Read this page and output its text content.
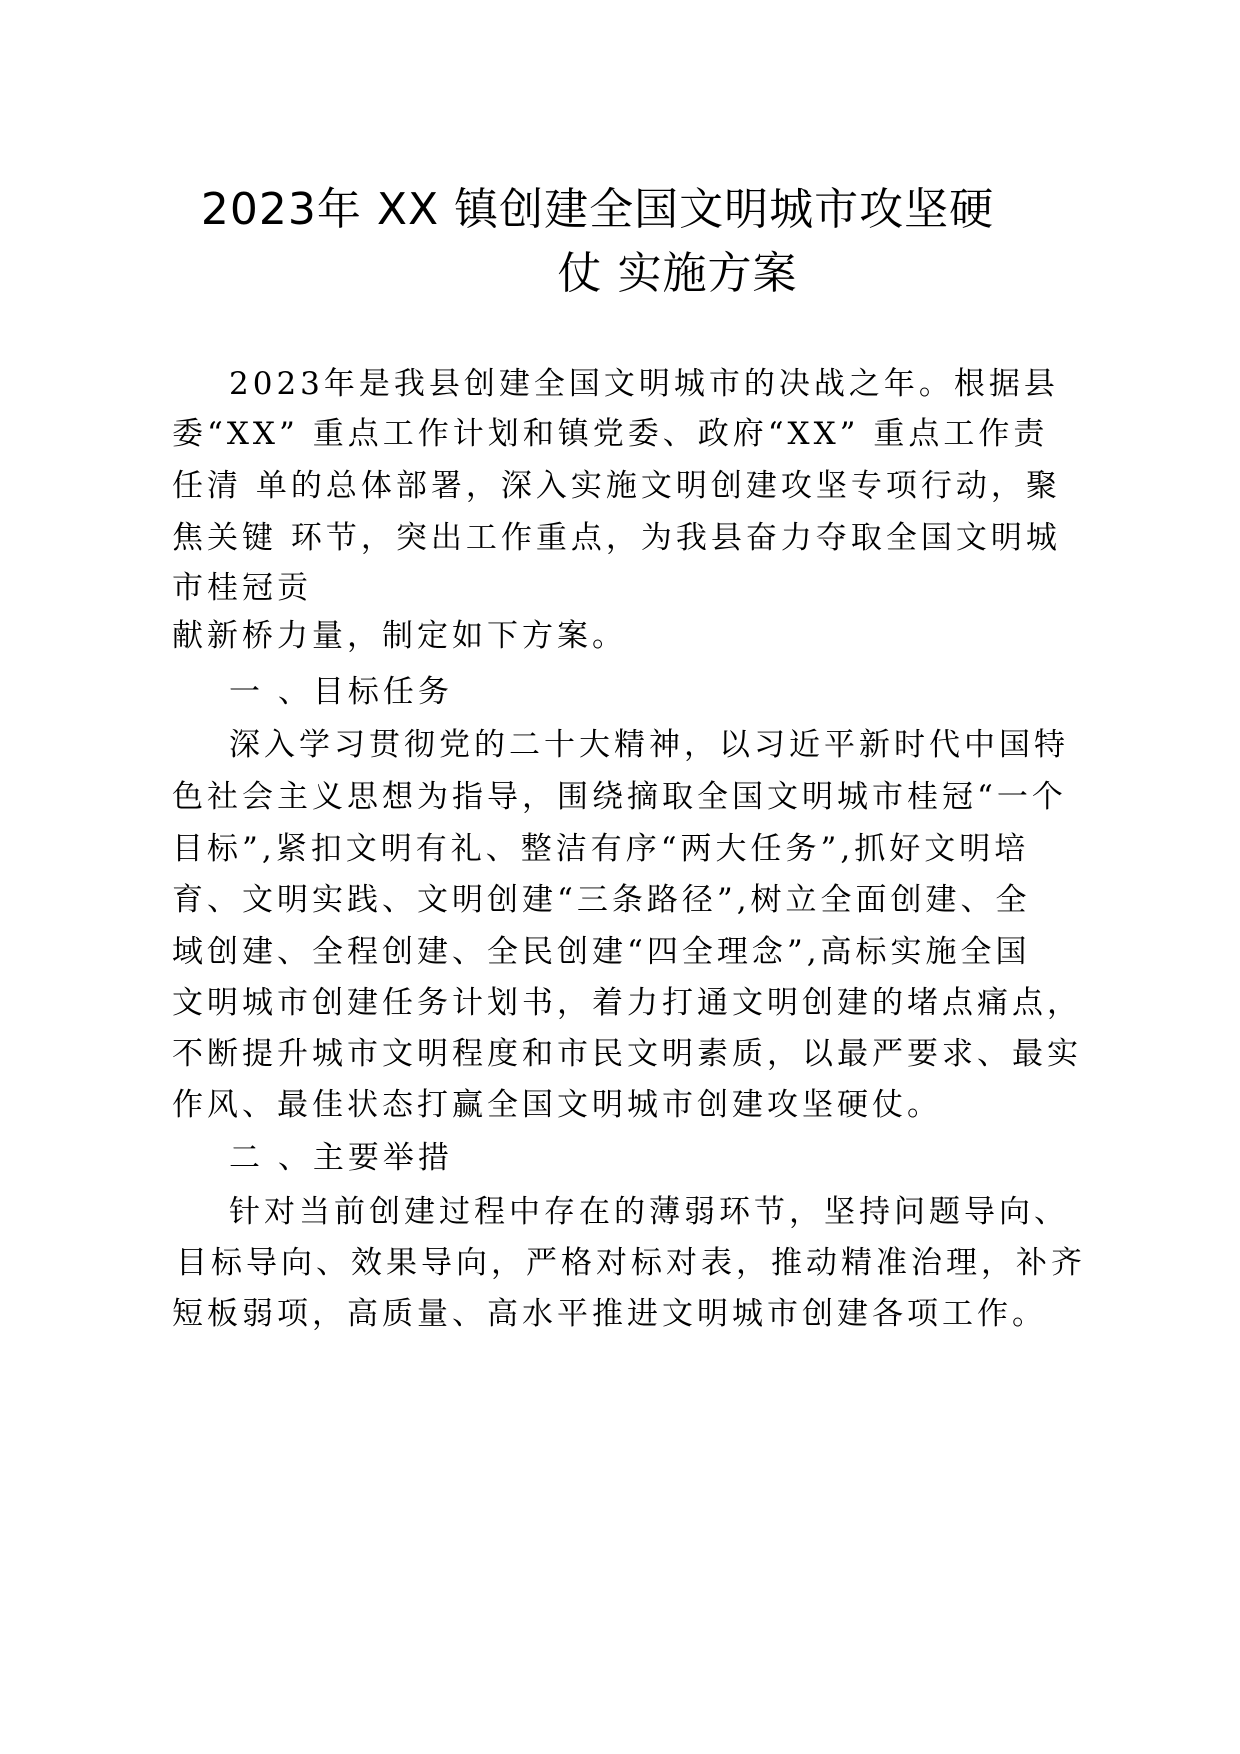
2023年 XX 镇创建全国文明城市攻坚硬
仗 实施方案
2023年是我县创建全国文明城市的决战之年。根据县
委“XX” 重点工作计划和镇党委、政府“XX” 重点工作责
任清 单的总体部署，深入实施文明创建攻坚专项行动，聚
焦关键 环节，突出工作重点，为我县奋力夺取全国文明城
市桂冠贡
献新桥力量，制定如下方案。
一 、目标任务
深入学习贯彻党的二十大精神，以习近平新时代中国特
色社会主义思想为指导，围绕摘取全国文明城市桂冠“一个
目标”,紧扣文明有礼、整洁有序“两大任务”,抓好文明培
育、文明实践、文明创建“三条路径”,树立全面创建、全
域创建、全程创建、全民创建“四全理念”,高标实施全国
文明城市创建任务计划书，着力打通文明创建的堵点痛点，
不断提升城市文明程度和市民文明素质，以最严要求、最实
作风、最佳状态打赢全国文明城市创建攻坚硬仗。
二 、主要举措
针对当前创建过程中存在的薄弱环节，坚持问题导向、
目标导向、效果导向，严格对标对表，推动精准治理，补齐
短板弱项，高质量、高水平推进文明城市创建各项工作。
